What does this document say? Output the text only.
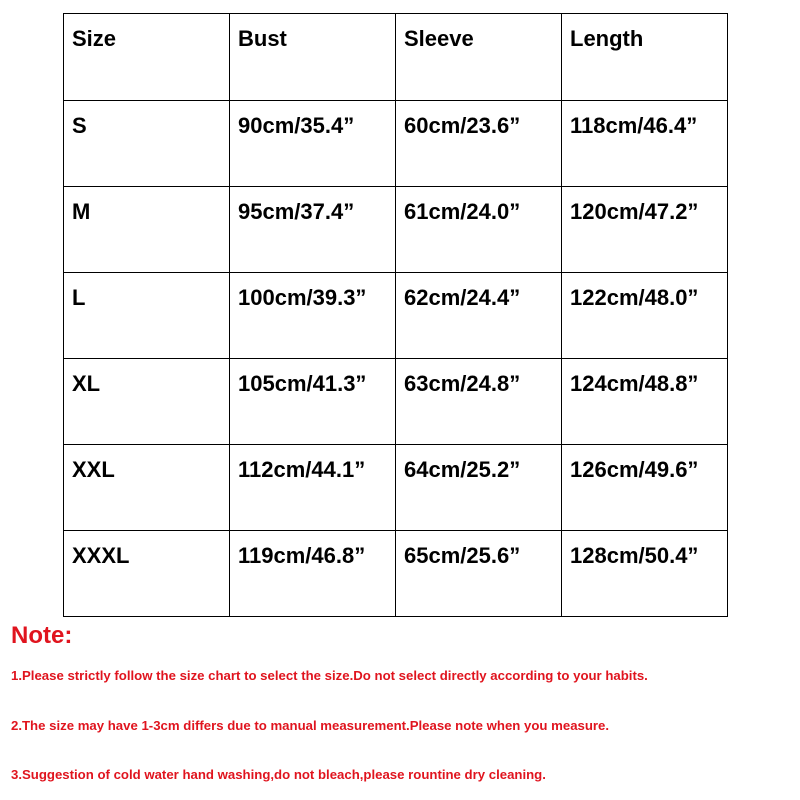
Size	Bust	Sleeve	Length
S	90cm/35.4”	60cm/23.6”	118cm/46.4”
M	95cm/37.4”	61cm/24.0”	120cm/47.2”
L	100cm/39.3”	62cm/24.4”	122cm/48.0”
XL	105cm/41.3”	63cm/24.8”	124cm/48.8”
XXL	112cm/44.1”	64cm/25.2”	126cm/49.6”
XXXL	119cm/46.8”	65cm/25.6”	128cm/50.4”
Note:
1.Please strictly follow the size chart to select the size.Do not select directly according to your habits.
2.The size may have 1-3cm differs due to manual measurement.Please note when you measure.
3.Suggestion of cold water hand washing,do not bleach,please rountine dry cleaning.
